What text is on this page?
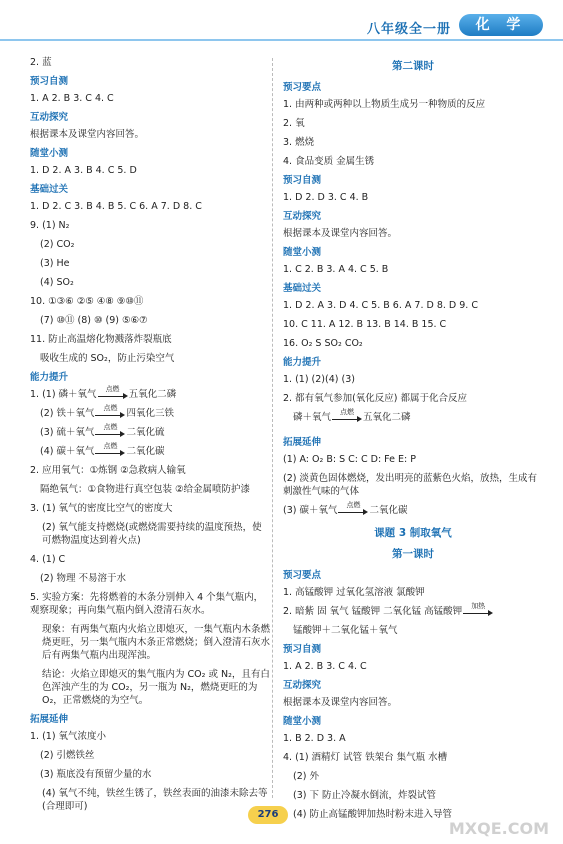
八年级全一册	化 学

2. 蓝

预习自测

1. A 2. B 3. C 4. C

互动探究

根据课本及课堂内容回答。

随堂小测

1. D 2. A 3. B 4. C 5. D

基础过关

1. D 2. C 3. B 4. B 5. C 6. A 7. D 8. C

9. (1) N₂

(2) CO₂

(3) He

(4) SO₂

10. ①③⑥ ②⑤ ④⑧ ⑨⑩⑪

(7) ⑩⑪ (8) ⑩ (9) ⑤⑥⑦

11. 防止高温熔化物溅落炸裂瓶底

吸收生成的 SO₂，防止污染空气

能力提升

1. (1) 磷＋氧气	点燃 五氧化二磷

(2) 铁＋氧气	点燃 四氧化三铁

(3) 硫＋氧气	点燃 二氧化硫

(4) 碳＋氧气	点燃 二氧化碳

2. 应用氧气：①炼钢 ②急救病人输氧

隔绝氧气：①食物进行真空包装 ②给金属喷防护漆

3. (1) 氧气的密度比空气的密度大

(2) 氧气能支持燃烧(或燃烧需要持续的温度预热，使可燃物温度达到着火点)

4. (1) C

(2) 物理 不易溶于水

5. 实验方案：先将燃着的木条分别伸入 4 个集气瓶内，观察现象；再向集气瓶内倒入澄清石灰水。

现象：有两集气瓶内火焰立即熄灭，一集气瓶内木条燃烧更旺，另一集气瓶内木条正常燃烧；倒入澄清石灰水后有两集气瓶内出现浑浊。

结论：火焰立即熄灭的集气瓶内为 CO₂ 或 N₂，且有白色浑浊产生的为 CO₂，另一瓶为 N₂，燃烧更旺的为 O₂，正常燃烧的为空气。

拓展延伸

1. (1) 氧气浓度小

(2) 引燃铁丝

(3) 瓶底没有预留少量的水

(4) 氧气不纯，铁丝生锈了，铁丝表面的油漆未除去等(合理即可)

第二课时
预习要点

1. 由两种或两种以上物质生成另一种物质的反应

2. 氧

3. 燃烧

4. 食品变质 金属生锈

预习自测

1. D 2. D 3. C 4. B

互动探究

根据课本及课堂内容回答。

随堂小测

1. C 2. B 3. A 4. C 5. B

基础过关

1. D 2. A 3. D 4. C 5. B 6. A 7. D 8. D 9. C

10. C 11. A 12. B 13. B 14. B 15. C

16. O₂ S SO₂ CO₂

能力提升

1. (1) (2)(4) (3)

2. 都有氧气参加(氧化反应) 都属于化合反应

磷＋氧气	点燃 五氧化二磷

拓展延伸

(1) A: O₂ B: S C: C D: Fe E: P

(2) 淡黄色固体燃烧，发出明亮的蓝紫色火焰，放热，生成有刺激性气味的气体

(3) 碳＋氧气	点燃 二氧化碳

课题 3 制取氧气
第一课时
预习要点

1. 高锰酸钾 过氧化氢溶液 氯酸钾

2. 暗紫 固 氧气 锰酸钾 二氧化锰 高锰酸钾	加热

锰酸钾＋二氧化锰＋氧气

预习自测

1. A 2. B 3. C 4. C

互动探究

根据课本及课堂内容回答。

随堂小测

1. B 2. D 3. A

4. (1) 酒精灯 试管 铁架台 集气瓶 水槽

(2) 外

(3) 下 防止冷凝水倒流，炸裂试管

(4) 防止高锰酸钾加热时粉末进入导管

276
MXQE.COM
